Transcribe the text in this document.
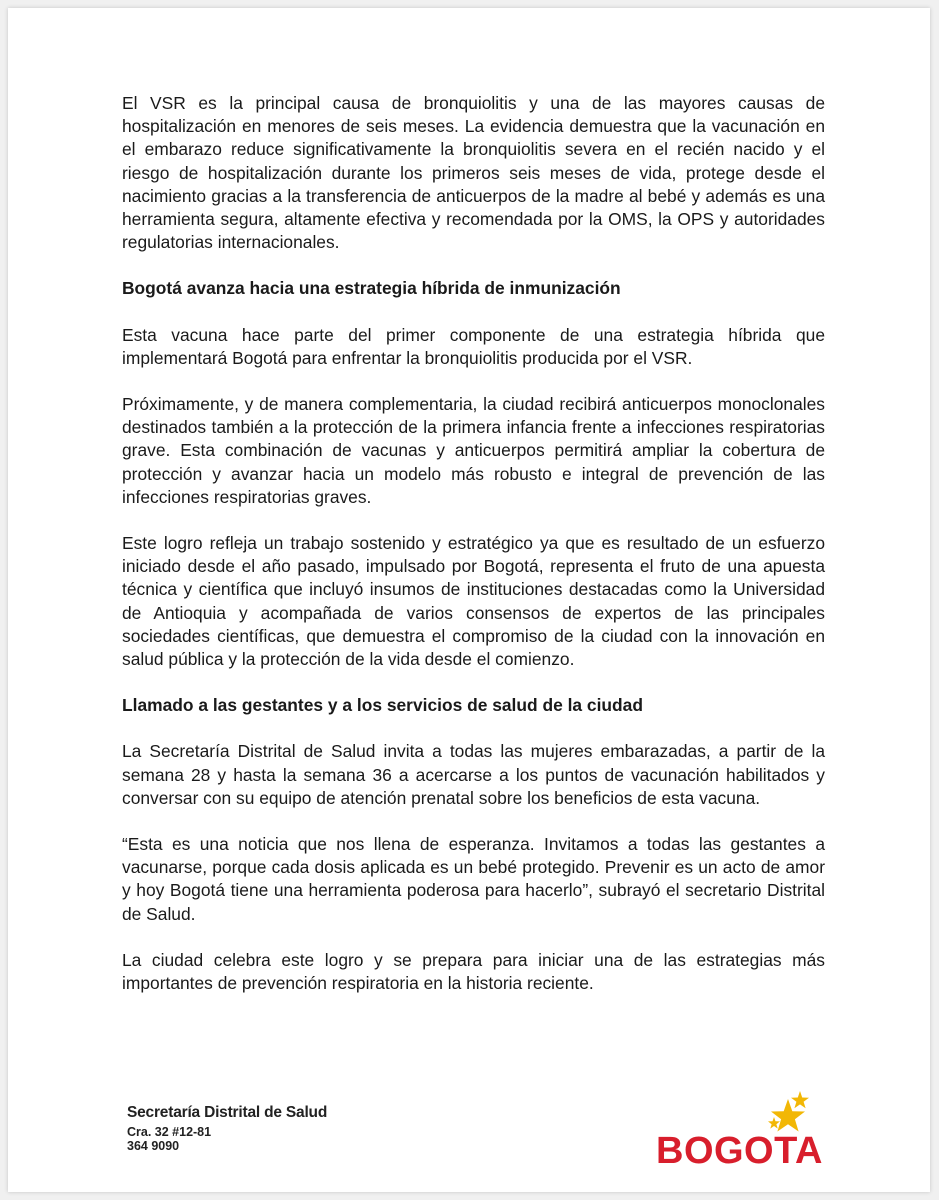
El VSR es la principal causa de bronquiolitis y una de las mayores causas de hospitalización en menores de seis meses. La evidencia demuestra que la vacunación en el embarazo reduce significativamente la bronquiolitis severa en el recién nacido y el riesgo de hospitalización durante los primeros seis meses de vida, protege desde el nacimiento gracias a la transferencia de anticuerpos de la madre al bebé y además es una herramienta segura, altamente efectiva y recomendada por la OMS, la OPS y autoridades regulatorias internacionales.

Bogotá avanza hacia una estrategia híbrida de inmunización

Esta vacuna hace parte del primer componente de una estrategia híbrida que implementará Bogotá para enfrentar la bronquiolitis producida por el VSR.

Próximamente, y de manera complementaria, la ciudad recibirá anticuerpos monoclonales destinados también a la protección de la primera infancia frente a infecciones respiratorias grave. Esta combinación de vacunas y anticuerpos permitirá ampliar la cobertura de protección y avanzar hacia un modelo más robusto e integral de prevención de las infecciones respiratorias graves.

Este logro refleja un trabajo sostenido y estratégico ya que es resultado de un esfuerzo iniciado desde el año pasado, impulsado por Bogotá, representa el fruto de una apuesta técnica y científica que incluyó insumos de instituciones destacadas como la Universidad de Antioquia y acompañada de varios consensos de expertos de las principales sociedades científicas, que demuestra el compromiso de la ciudad con la innovación en salud pública y la protección de la vida desde el comienzo.

Llamado a las gestantes y a los servicios de salud de la ciudad

La Secretaría Distrital de Salud invita a todas las mujeres embarazadas, a partir de la semana 28 y hasta la semana 36 a acercarse a los puntos de vacunación habilitados y conversar con su equipo de atención prenatal sobre los beneficios de esta vacuna.

“Esta es una noticia que nos llena de esperanza. Invitamos a todas las gestantes a vacunarse, porque cada dosis aplicada es un bebé protegido. Prevenir es un acto de amor y hoy Bogotá tiene una herramienta poderosa para hacerlo”, subrayó el secretario Distrital de Salud.

La ciudad celebra este logro y se prepara para iniciar una de las estrategias más importantes de prevención respiratoria en la historia reciente.

Secretaría Distrital de Salud
Cra. 32 #12-81
364 9090	BOGOTA
